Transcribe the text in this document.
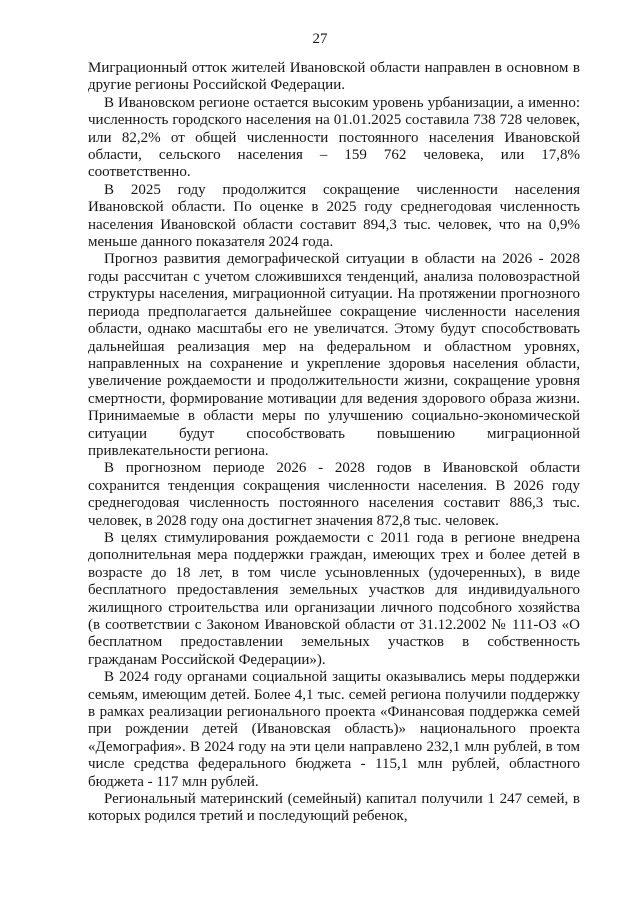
27

Миграционный отток жителей Ивановской области направлен в основном в другие регионы Российской Федерации.

В Ивановском регионе остается высоким уровень урбанизации, а именно: численность городского населения на 01.01.2025 составила 738 728 человек, или 82,2% от общей численности постоянного населения Ивановской области, сельского населения – 159 762 человека, или 17,8% соответственно.

В 2025 году продолжится сокращение численности населения Ивановской области. По оценке в 2025 году среднегодовая численность населения Ивановской области составит 894,3 тыс. человек, что на 0,9% меньше данного показателя 2024 года.

Прогноз развития демографической ситуации в области на 2026 - 2028 годы рассчитан с учетом сложившихся тенденций, анализа половозрастной структуры населения, миграционной ситуации. На протяжении прогнозного периода предполагается дальнейшее сокращение численности населения области, однако масштабы его не увеличатся. Этому будут способствовать дальнейшая реализация мер на федеральном и областном уровнях, направленных на сохранение и укрепление здоровья населения области, увеличение рождаемости и продолжительности жизни, сокращение уровня смертности, формирование мотивации для ведения здорового образа жизни. Принимаемые в области меры по улучшению социально-экономической ситуации будут способствовать повышению миграционной привлекательности региона.

В прогнозном периоде 2026 - 2028 годов в Ивановской области сохранится тенденция сокращения численности населения. В 2026 году среднегодовая численность постоянного населения составит 886,3 тыс. человек, в 2028 году она достигнет значения 872,8 тыс. человек.

В целях стимулирования рождаемости с 2011 года в регионе внедрена дополнительная мера поддержки граждан, имеющих трех и более детей в возрасте до 18 лет, в том числе усыновленных (удочеренных), в виде бесплатного предоставления земельных участков для индивидуального жилищного строительства или организации личного подсобного хозяйства (в соответствии с Законом Ивановской области от 31.12.2002 № 111-ОЗ «О бесплатном предоставлении земельных участков в собственность гражданам Российской Федерации»).

В 2024 году органами социальной защиты оказывались меры поддержки семьям, имеющим детей. Более 4,1 тыс. семей региона получили поддержку в рамках реализации регионального проекта «Финансовая поддержка семей при рождении детей (Ивановская область)» национального проекта «Демография». В 2024 году на эти цели направлено 232,1 млн рублей, в том числе средства федерального бюджета - 115,1 млн рублей, областного бюджета - 117 млн рублей.

Региональный материнский (семейный) капитал получили 1 247 семей, в которых родился третий и последующий ребенок,
